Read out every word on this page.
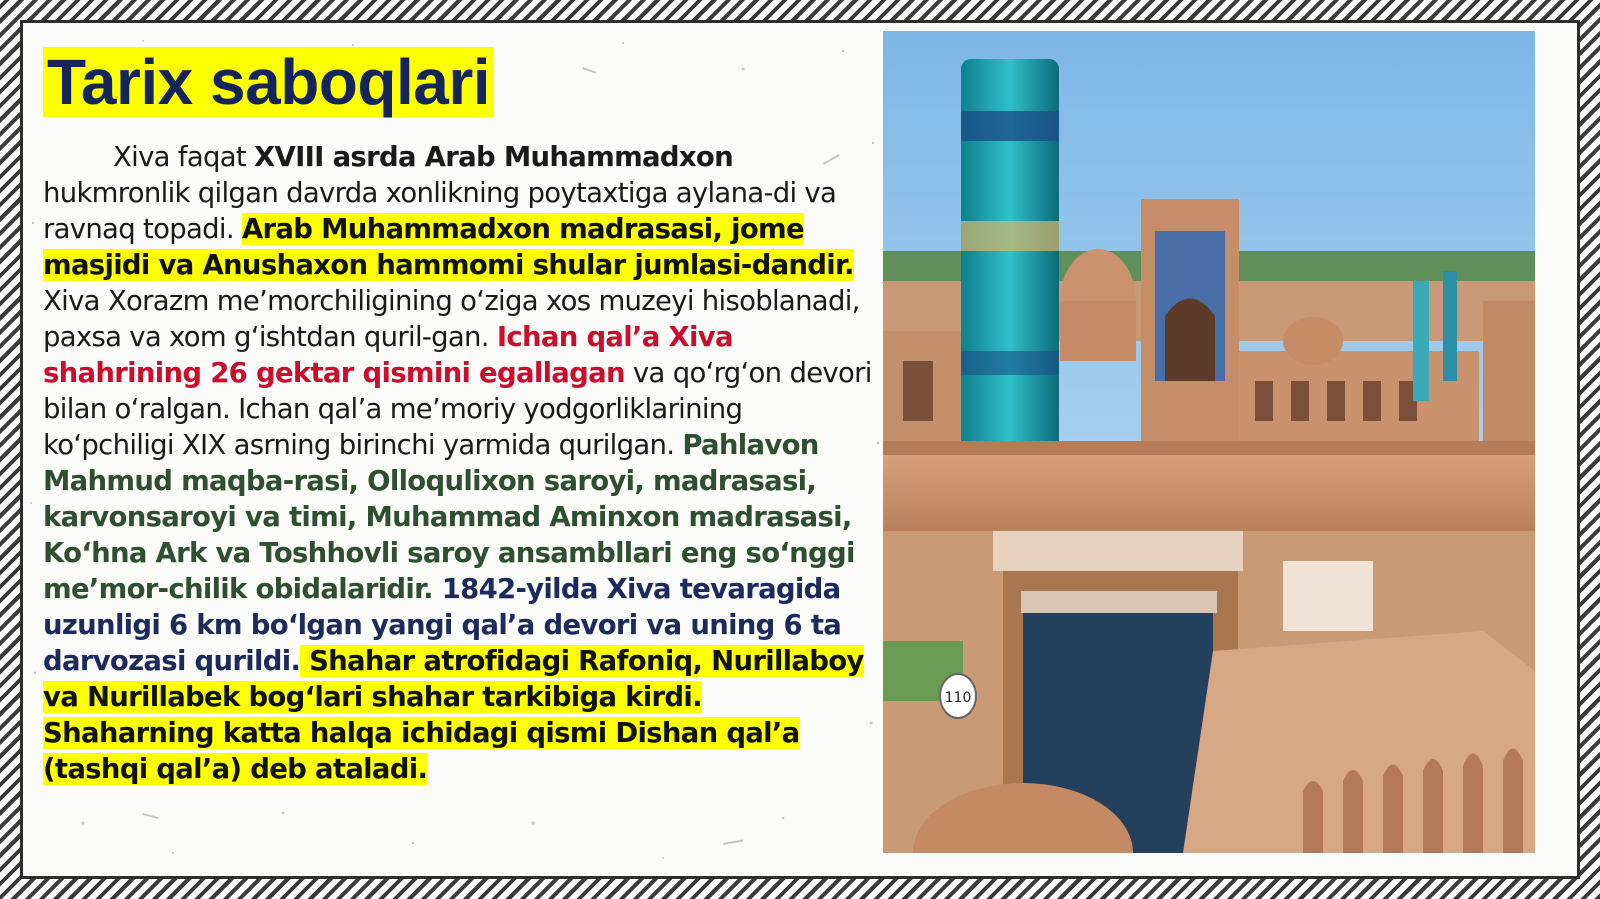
Tarix saboqlari

Xiva faqat XVIII asrda Arab Muhammadxon hukmronlik qilgan davrda xonlikning poytaxtiga aylana-di va ravnaq topadi. Arab Muhammadxon madrasasi, jome masjidi va Anushaxon hammomi shular jumlasi-dandir. Xiva Xorazm me’morchiligining o‘ziga xos muzeyi hisoblanadi, paxsa va xom g‘ishtdan quril-gan. Ichan qal’a Xiva shahrining 26 gektar qismini egallagan va qo‘rg‘on devori bilan o‘ralgan. Ichan qal’a me’moriy yodgorliklarining ko‘pchiligi XIX asrning birinchi yarmida qurilgan. Pahlavon Mahmud maqba-rasi, Olloqulixon saroyi, madrasasi, karvonsaroyi va timi, Muhammad Aminxon madrasasi, Ko‘hna Ark va Toshhovli saroy ansambllari eng so‘nggi me’mor-chilik obidalaridir. 1842-yilda Xiva tevaragida uzunligi 6 km bo‘lgan yangi qal’a devori va uning 6 ta darvozasi qurildi. Shahar atrofidagi Rafoniq, Nurillaboy va Nurillabek bog‘lari shahar tarkibiga kirdi. Shaharning katta halqa ichidagi qismi Dishan qal’a (tashqi qal’a) deb ataladi.

110
